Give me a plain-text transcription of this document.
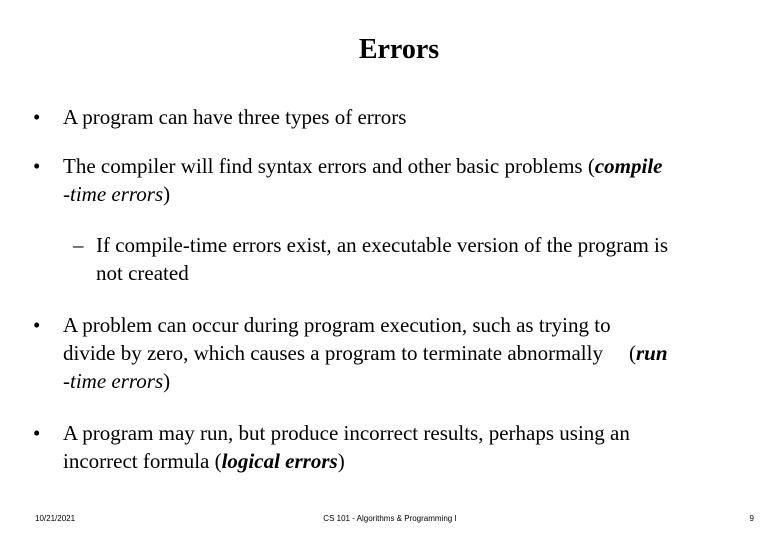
Errors
•	A program can have three types of errors
•	The compiler will find syntax errors and other basic problems (compile
-time errors)
– If compile-time errors exist, an executable version of the program is
not created
•	A problem can occur during program execution, such as trying to
divide by zero, which causes a program to terminate abnormally (run
-time errors)
•	A program may run, but produce incorrect results, perhaps using an
incorrect formula (logical errors)
10/21/2021	CS 101 - Algorithms & Programming I	9
